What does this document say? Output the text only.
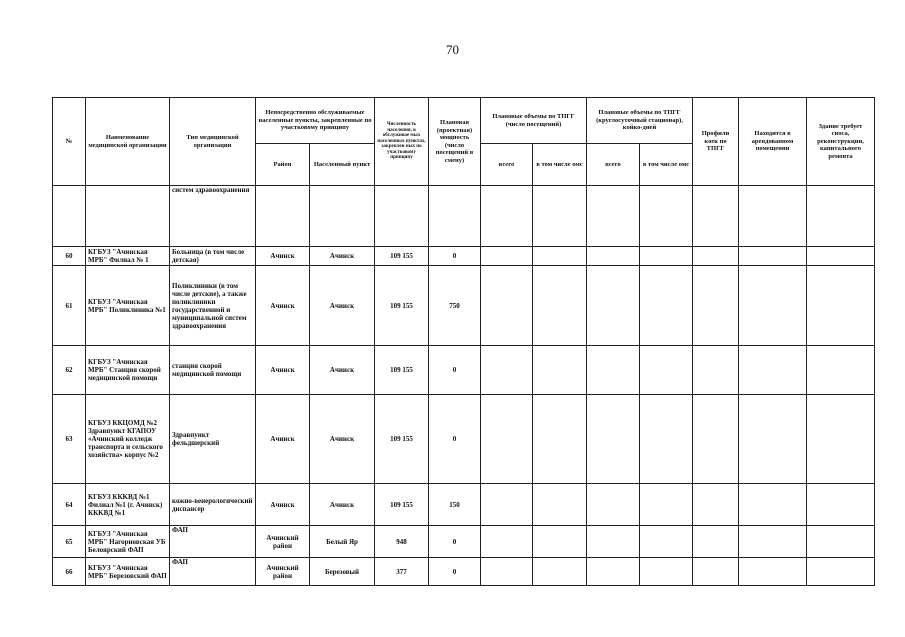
70
№	Наименование медицинской организации	Тип медицинской организации	Непосредственно обслуживаемые населенные пункты, закрепленные по участковому принципу		Численность населения, в обслуживае мых населенных пунктах, закреплен ных по участковому принципу	Плановая (проектная) мощность (число посещений в смену)	Плановые объемы по ТПГГ (число посещений)		Плановые объемы по ТПГГ (круглосуточный стационар), койко-дней		Профили коек по ТПГГ	Находится в арендованном помещении	Здание требует сноса, реконструкции, капитального ремонта
			Район	Населенный пункт			всего	в том числе омс	всего	в том числе омс			
		систем здравоохранения											
60	КГБУЗ "Ачинская МРБ" Филиал № 1	Больница (в том числе детская)	Ачинск	Ачинск	109 155	0							
61	КГБУЗ "Ачинская МРБ" Поликлиника №1	Поликлиники (в том числе детские), а также поликлиники государственной и муниципальной систем здравоохранения	Ачинск	Ачинск	109 155	750							
62	КГБУЗ "Ачинская МРБ" Станция скорой медицинской помощи	станция скорой медицинской помощи	Ачинск	Ачинск	109 155	0							
63	КГБУЗ ККЦОМД №2 Здравпункт КГАПОУ «Ачинский колледж транспорта и сельского хозяйства» корпус №2	Здравпункт фельдшерский	Ачинск	Ачинск	109 155	0							
64	КГБУЗ ККKВД №1 Филиал №1 (г. Ачинск) ККKВД №1	кожно-венерологический диспансер	Ачинск	Ачинск	109 155	150							
65	КГБУЗ "Ачинская МРБ" Нагорновская УБ Белоярский ФАП	ФАП	Ачинский район	Белый Яр	948	0							
66	КГБУЗ "Ачинская МРБ" Березовский ФАП	ФАП	Ачинский район	Березовый	377	0							
